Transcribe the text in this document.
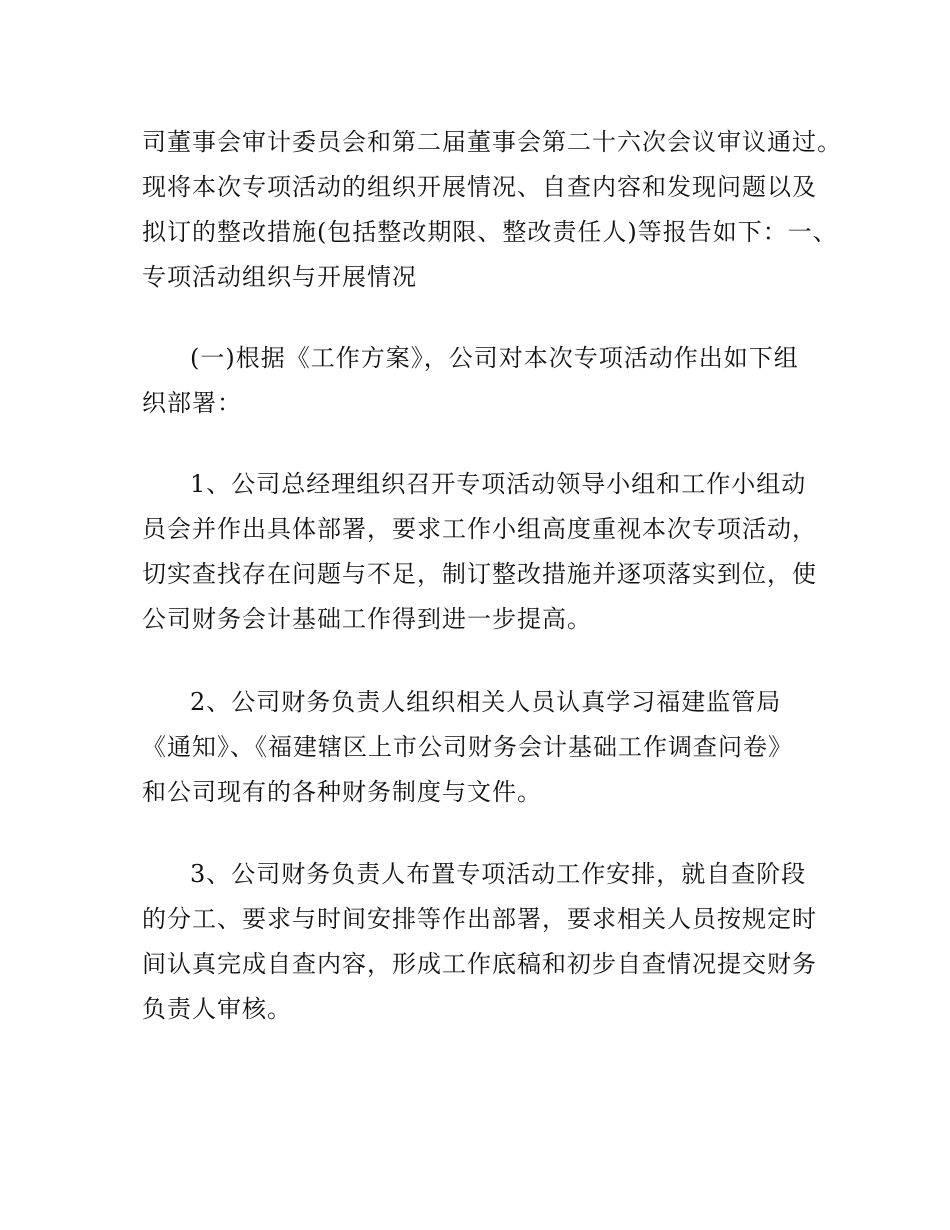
司董事会审计委员会和第二届董事会第二十六次会议审议通过。
现将本次专项活动的组织开展情况、自查内容和发现问题以及
拟订的整改措施(包括整改期限、整改责任人)等报告如下：一、
专项活动组织与开展情况
(一)根据《工作方案》，公司对本次专项活动作出如下组
织部署：
1、公司总经理组织召开专项活动领导小组和工作小组动
员会并作出具体部署，要求工作小组高度重视本次专项活动，
切实查找存在问题与不足，制订整改措施并逐项落实到位，使
公司财务会计基础工作得到进一步提高。
2、公司财务负责人组织相关人员认真学习福建监管局
《通知》、《福建辖区上市公司财务会计基础工作调查问卷》
和公司现有的各种财务制度与文件。
3、公司财务负责人布置专项活动工作安排，就自查阶段
的分工、要求与时间安排等作出部署，要求相关人员按规定时
间认真完成自查内容，形成工作底稿和初步自查情况提交财务
负责人审核。
